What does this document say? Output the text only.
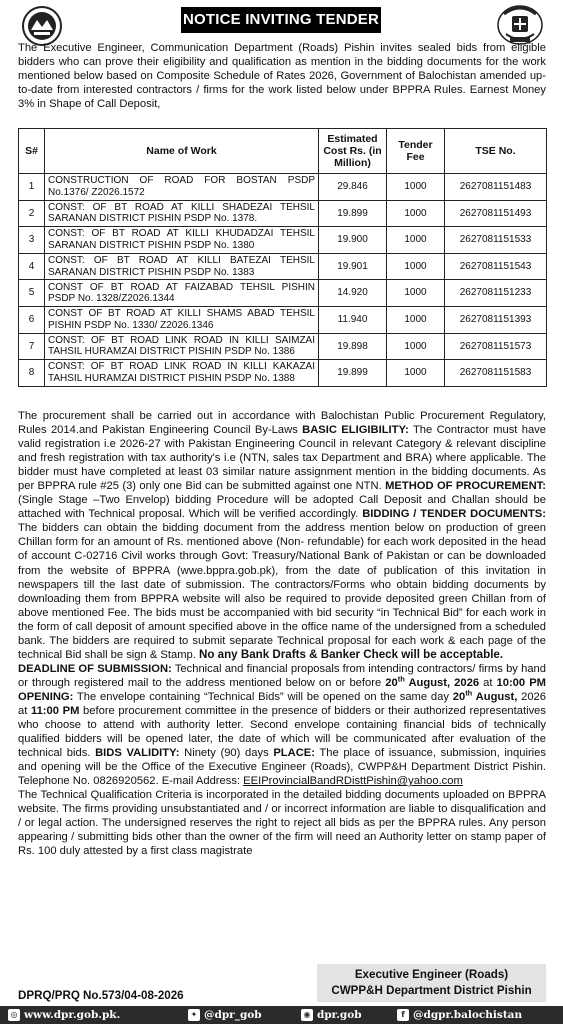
NOTICE INVITING TENDER
The Executive Engineer, Communication Department (Roads) Pishin invites sealed bids from eligible bidders who can prove their eligibility and qualification as mention in the bidding documents for the work mentioned below based on Composite Schedule of Rates 2026, Government of Balochistan amended up-to-date from interested contractors / firms for the work listed below under BPPRA Rules. Earnest Money 3% in Shape of Call Deposit,
S#	Name of Work	Estimated Cost Rs. (in Million)	Tender Fee	TSE No.
1	CONSTRUCTION OF ROAD FOR BOSTAN PSDP No.1376/ Z2026.1572	29.846	1000	2627081151483
2	CONST: OF BT ROAD AT KILLI SHADEZAI TEHSIL SARANAN DISTRICT PISHIN PSDP No. 1378.	19.899	1000	2627081151493
3	CONST: OF BT ROAD AT KILLI KHUDADZAI TEHSIL SARANAN DISTRICT PISHIN PSDP No. 1380	19.900	1000	2627081151533
4	CONST: OF BT ROAD AT KILLI BATEZAI TEHSIL SARANAN DISTRICT PISHIN PSDP No. 1383	19.901	1000	2627081151543
5	CONST OF BT ROAD AT FAIZABAD TEHSIL PISHIN PSDP No. 1328/Z2026.1344	14.920	1000	2627081151233
6	CONST OF BT ROAD AT KILLI SHAMS ABAD TEHSIL PISHIN PSDP No. 1330/ Z2026.1346	11.940	1000	2627081151393
7	CONST: OF BT ROAD LINK ROAD IN KILLI SAIMZAI TAHSIL HURAMZAI DISTRICT PISHIN PSDP No. 1386	19.898	1000	2627081151573
8	CONST: OF BT ROAD LINK ROAD IN KILLI KAKAZAI TAHSIL HURAMZAI DISTRICT PISHIN PSDP No. 1388	19.899	1000	2627081151583
The procurement shall be carried out in accordance with Balochistan Public Procurement Regulatory, Rules 2014.and Pakistan Engineering Council By-Laws BASIC ELIGIBILITY: The Contractor must have valid registration i.e 2026-27 with Pakistan Engineering Council in relevant Category & relevant discipline and fresh registration with tax authority's i.e (NTN, sales tax Department and BRA) where applicable. The bidder must have completed at least 03 similar nature assignment mention in the bidding documents. As per BPPRA rule #25 (3) only one Bid can be submitted against one NTN. METHOD OF PROCUREMENT: (Single Stage –Two Envelop) bidding Procedure will be adopted Call Deposit and Challan should be attached with Technical proposal. Which will be verified accordingly. BIDDING / TENDER DOCUMENTS: The bidders can obtain the bidding document from the address mention below on production of green Chillan form for an amount of Rs. mentioned above (Non- refundable) for each work deposited in the head of account C-02716 Civil works through Govt: Treasury/National Bank of Pakistan or can be downloaded from the website of BPPRA (wwe.bppra.gob.pk), from the date of publication of this invitation in newspapers till the last date of submission. The contractors/Forms who obtain bidding documents by downloading them from BPPRA website will also be required to provide deposited green Chillan from of above mentioned Fee. The bids must be accompanied with bid security “in Technical Bid” for each work in the form of call deposit of amount specified above in the office name of the undersigned from a scheduled bank. The bidders are required to submit separate Technical proposal for each work & each page of the technical Bid shall be sign & Stamp. No any Bank Drafts & Banker Check will be acceptable.
DEADLINE OF SUBMISSION: Technical and financial proposals from intending contractors/ firms by hand or through registered mail to the address mentioned below on or before 20th August, 2026 at 10:00 PM OPENING: The envelope containing “Technical Bids” will be opened on the same day 20th August, 2026 at 11:00 PM before procurement committee in the presence of bidders or their authorized representatives who choose to attend with authority letter. Second envelope containing financial bids of technically qualified bidders will be opened later, the date of which will be communicated after evaluation of the technical bids. BIDS VALIDITY: Ninety (90) days PLACE: The place of issuance, submission, inquiries and opening will be the Office of the Executive Engineer (Roads), CWPP&H Department District Pishin. Telephone No. 0826920562. E-mail Address: EEIProvincialBandRDisttPishin@yahoo.com
The Technical Qualification Criteria is incorporated in the detailed bidding documents uploaded on BPPRA website. The firms providing unsubstantiated and / or incorrect information are liable to disqualification and / or legal action. The undersigned reserves the right to reject all bids as per the BPPRA rules. Any person appearing / submitting bids other than the owner of the firm will need an Authority letter on stamp paper of Rs. 100 duly attested by a first class magistrate
Executive Engineer (Roads)
CWPP&H Department District Pishin
DPRQ/PRQ No.573/04-08-2026
◎ www.dpr.gob.pk.	✦ @dpr_gob	◉ dpr.gob	f @dgpr.balochistan
